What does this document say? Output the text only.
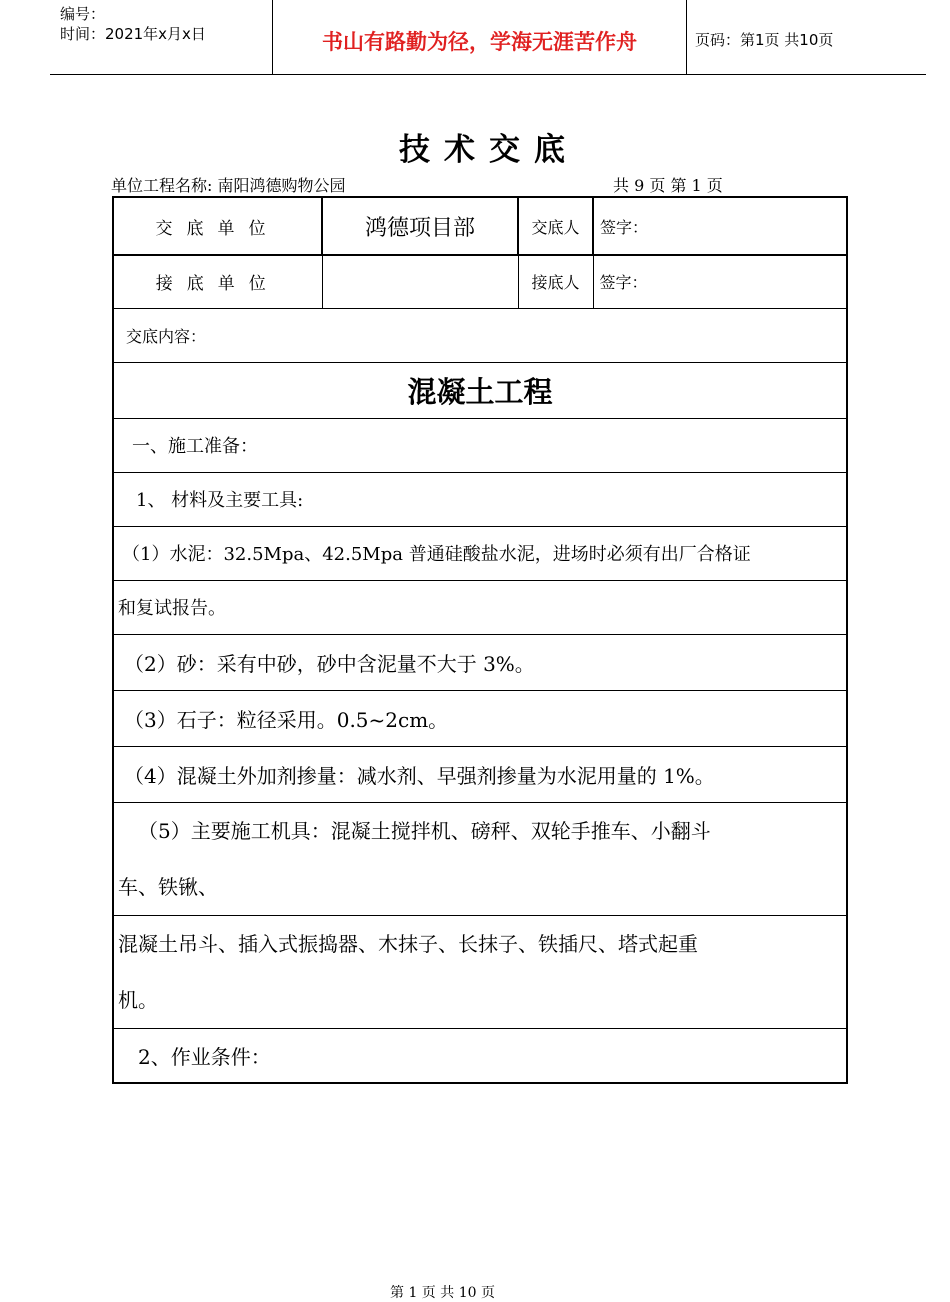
编号：
时间：2021年x月x日	书山有路勤为径，学海无涯苦作舟	页码：第1页 共10页
技术交底
单位工程名称: 南阳鸿德购物公园	共 9 页 第 1 页
交底单位	鸿德项目部	交底人	签字：
接底单位		接底人	签字：
交底内容：			
混凝土工程			
一、施工准备：			
1、 材料及主要工具:			
（1）水泥：32.5Mpa、42.5Mpa 普通硅酸盐水泥，进场时必须有出厂合格证			
和复试报告。			
（2）砂：采有中砂，砂中含泥量不大于 3%。			
（3）石子：粒径采用。0.5~2cm。			
（4）混凝土外加剂掺量：减水剂、早强剂掺量为水泥用量的 1%。			

（5）主要施工机具：混凝土搅拌机、磅秤、双轮手推车、小翻斗
车、铁锹、			

混凝土吊斗、插入式振捣器、木抹子、长抹子、铁插尺、塔式起重
机。			

2、作业条件：			
第 1 页 共 10 页
